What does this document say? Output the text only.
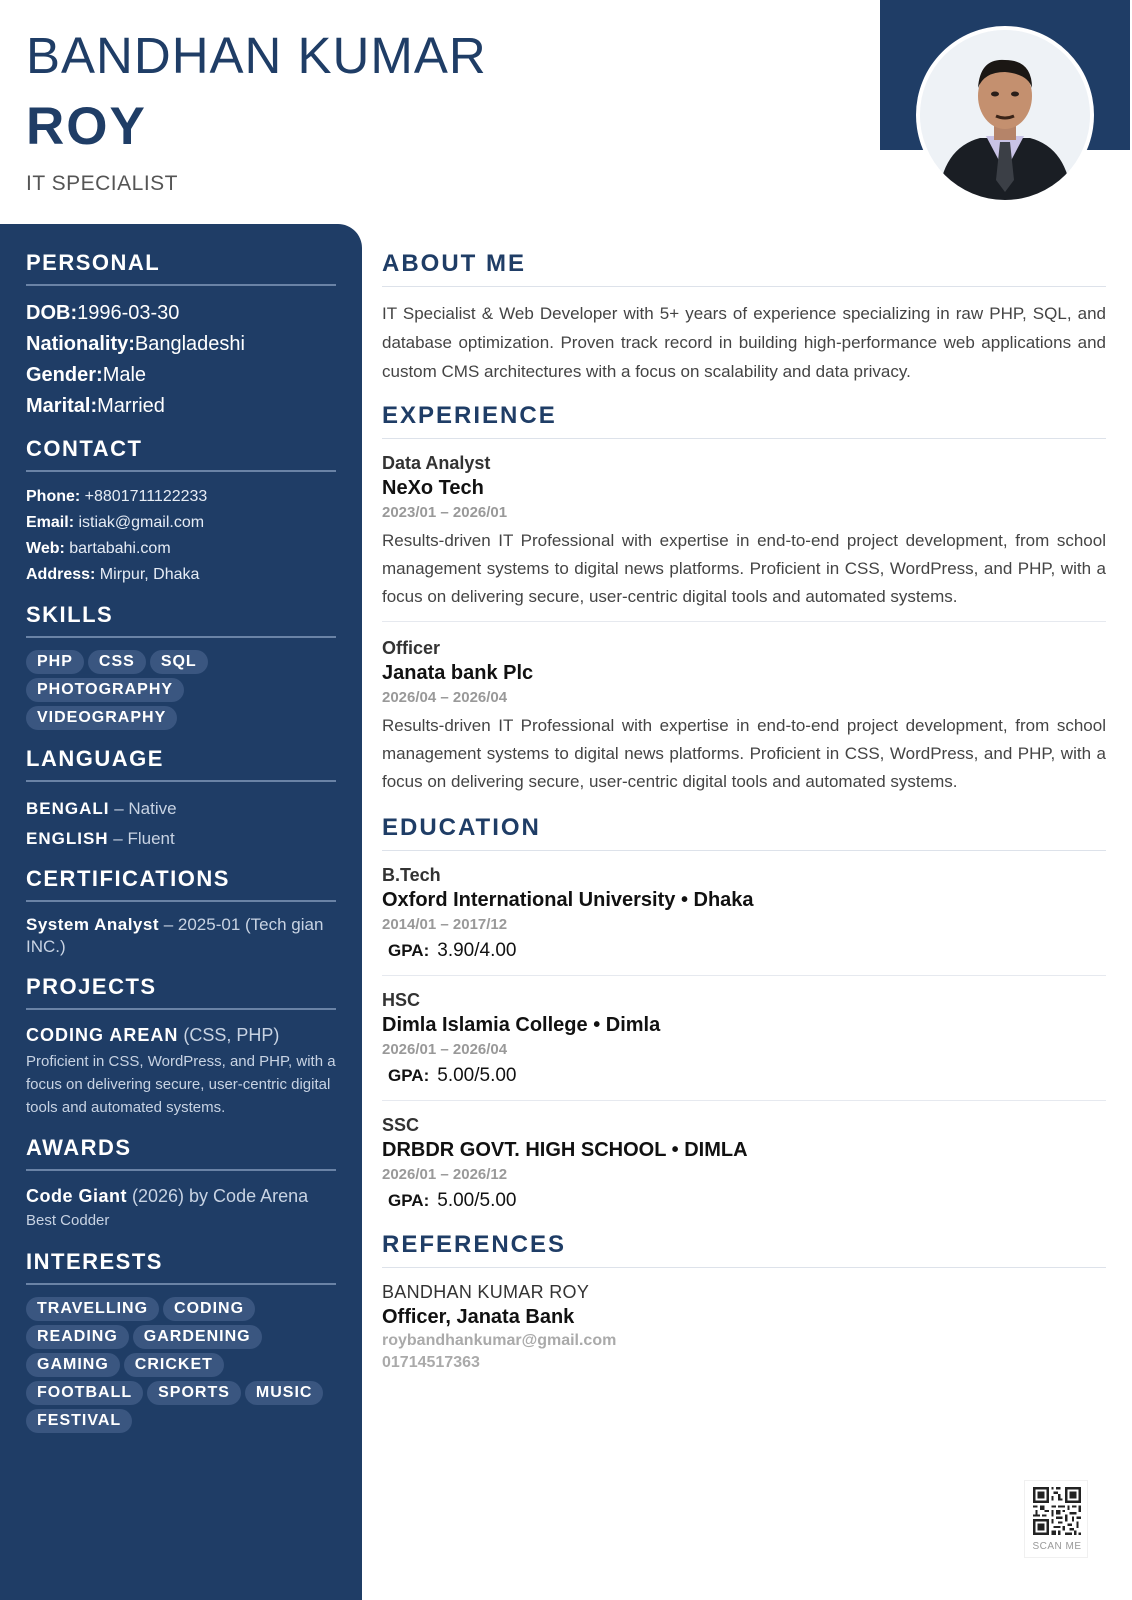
BANDHAN KUMAR
ROY
IT SPECIALIST
PERSONAL
DOB:1996-03-30
Nationality:Bangladeshi
Gender:Male
Marital:Married
CONTACT
Phone: +8801711122233
Email: istiak@gmail.com
Web: bartabahi.com
Address: Mirpur, Dhaka
SKILLS
PHP	CSS	SQL
PHOTOGRAPHY
VIDEOGRAPHY
LANGUAGE
BENGALI – Native
ENGLISH – Fluent
CERTIFICATIONS
System Analyst – 2025-01 (Tech gian INC.)
PROJECTS
CODING AREAN (CSS, PHP)
Proficient in CSS, WordPress, and PHP, with a focus on delivering secure, user-centric digital tools and automated systems.
AWARDS
Code Giant (2026) by Code Arena
Best Codder
INTERESTS
TRAVELLING	CODING
READING	GARDENING
GAMING	CRICKET
FOOTBALL	SPORTS	MUSIC
FESTIVAL
ABOUT ME
IT Specialist & Web Developer with 5+ years of experience specializing in raw PHP, SQL, and database optimization. Proven track record in building high-performance web applications and custom CMS architectures with a focus on scalability and data privacy.
EXPERIENCE
Data Analyst
NeXo Tech
2023/01 – 2026/01
Results-driven IT Professional with expertise in end-to-end project development, from school management systems to digital news platforms. Proficient in CSS, WordPress, and PHP, with a focus on delivering secure, user-centric digital tools and automated systems.
Officer
Janata bank Plc
2026/04 – 2026/04
Results-driven IT Professional with expertise in end-to-end project development, from school management systems to digital news platforms. Proficient in CSS, WordPress, and PHP, with a focus on delivering secure, user-centric digital tools and automated systems.
EDUCATION
B.Tech
Oxford International University • Dhaka
2014/01 – 2017/12
GPA: 3.90/4.00
HSC
Dimla Islamia College • Dimla
2026/01 – 2026/04
GPA: 5.00/5.00
SSC
DRBDR GOVT. HIGH SCHOOL • DIMLA
2026/01 – 2026/12
GPA: 5.00/5.00
REFERENCES
BANDHAN KUMAR ROY
Officer, Janata Bank
roybandhankumar@gmail.com
01714517363
SCAN ME
